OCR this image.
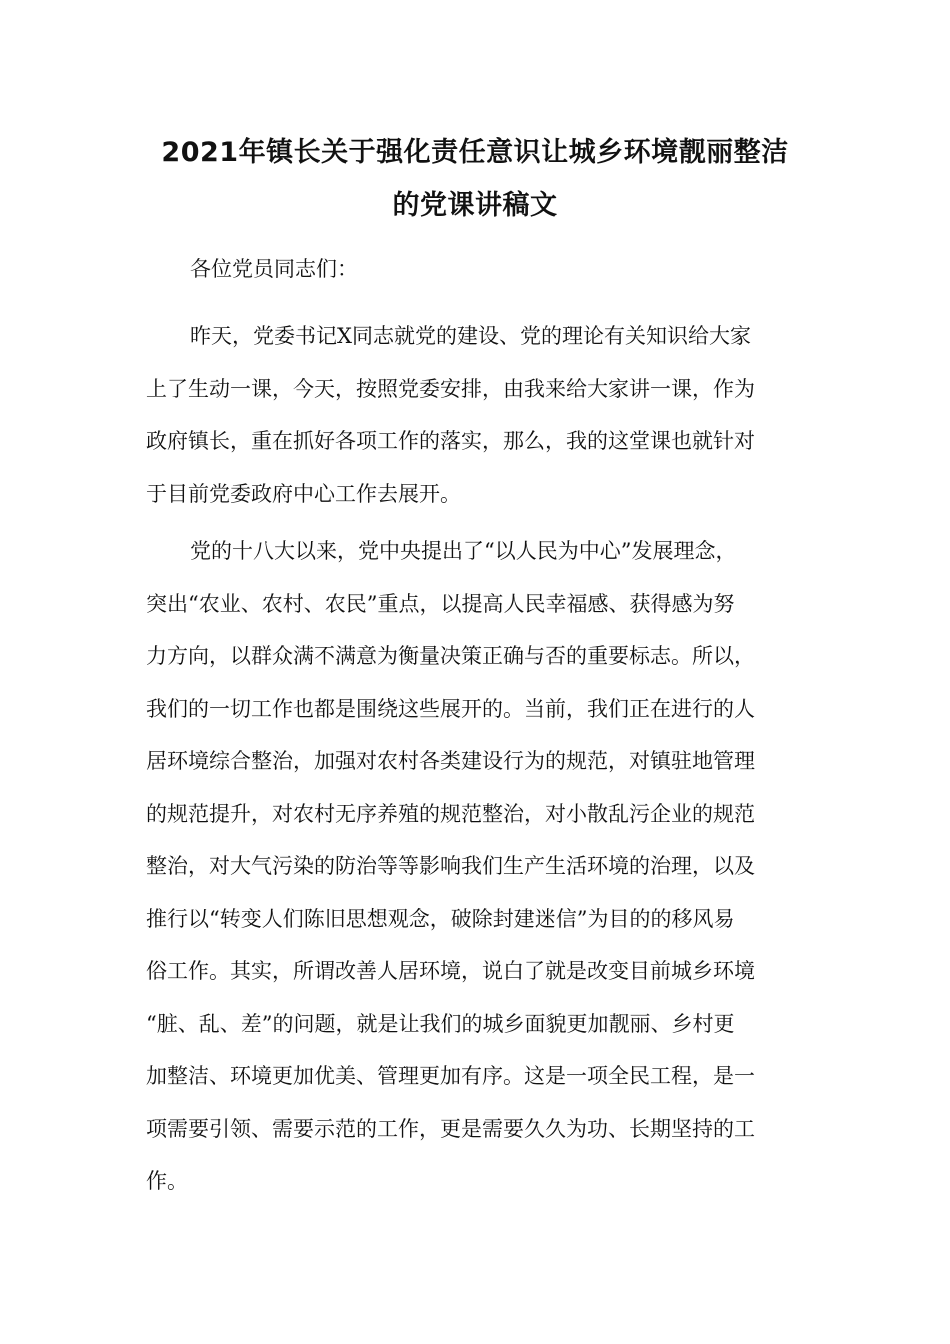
2021年镇长关于强化责任意识让城乡环境靓丽整洁
的党课讲稿文

各位党员同志们：

昨天，党委书记X同志就党的建设、党的理论有关知识给大家
上了生动一课，今天，按照党委安排，由我来给大家讲一课，作为
政府镇长，重在抓好各项工作的落实，那么，我的这堂课也就针对
于目前党委政府中心工作去展开。

党的十八大以来，党中央提出了“以人民为中心”发展理念，
突出“农业、农村、农民”重点，以提高人民幸福感、获得感为努
力方向，以群众满不满意为衡量决策正确与否的重要标志。所以，
我们的一切工作也都是围绕这些展开的。当前，我们正在进行的人
居环境综合整治，加强对农村各类建设行为的规范，对镇驻地管理
的规范提升，对农村无序养殖的规范整治，对小散乱污企业的规范
整治，对大气污染的防治等等影响我们生产生活环境的治理，以及
推行以“转变人们陈旧思想观念，破除封建迷信”为目的的移风易
俗工作。其实，所谓改善人居环境，说白了就是改变目前城乡环境
“脏、乱、差”的问题，就是让我们的城乡面貌更加靓丽、乡村更
加整洁、环境更加优美、管理更加有序。这是一项全民工程，是一
项需要引领、需要示范的工作，更是需要久久为功、长期坚持的工
作。
